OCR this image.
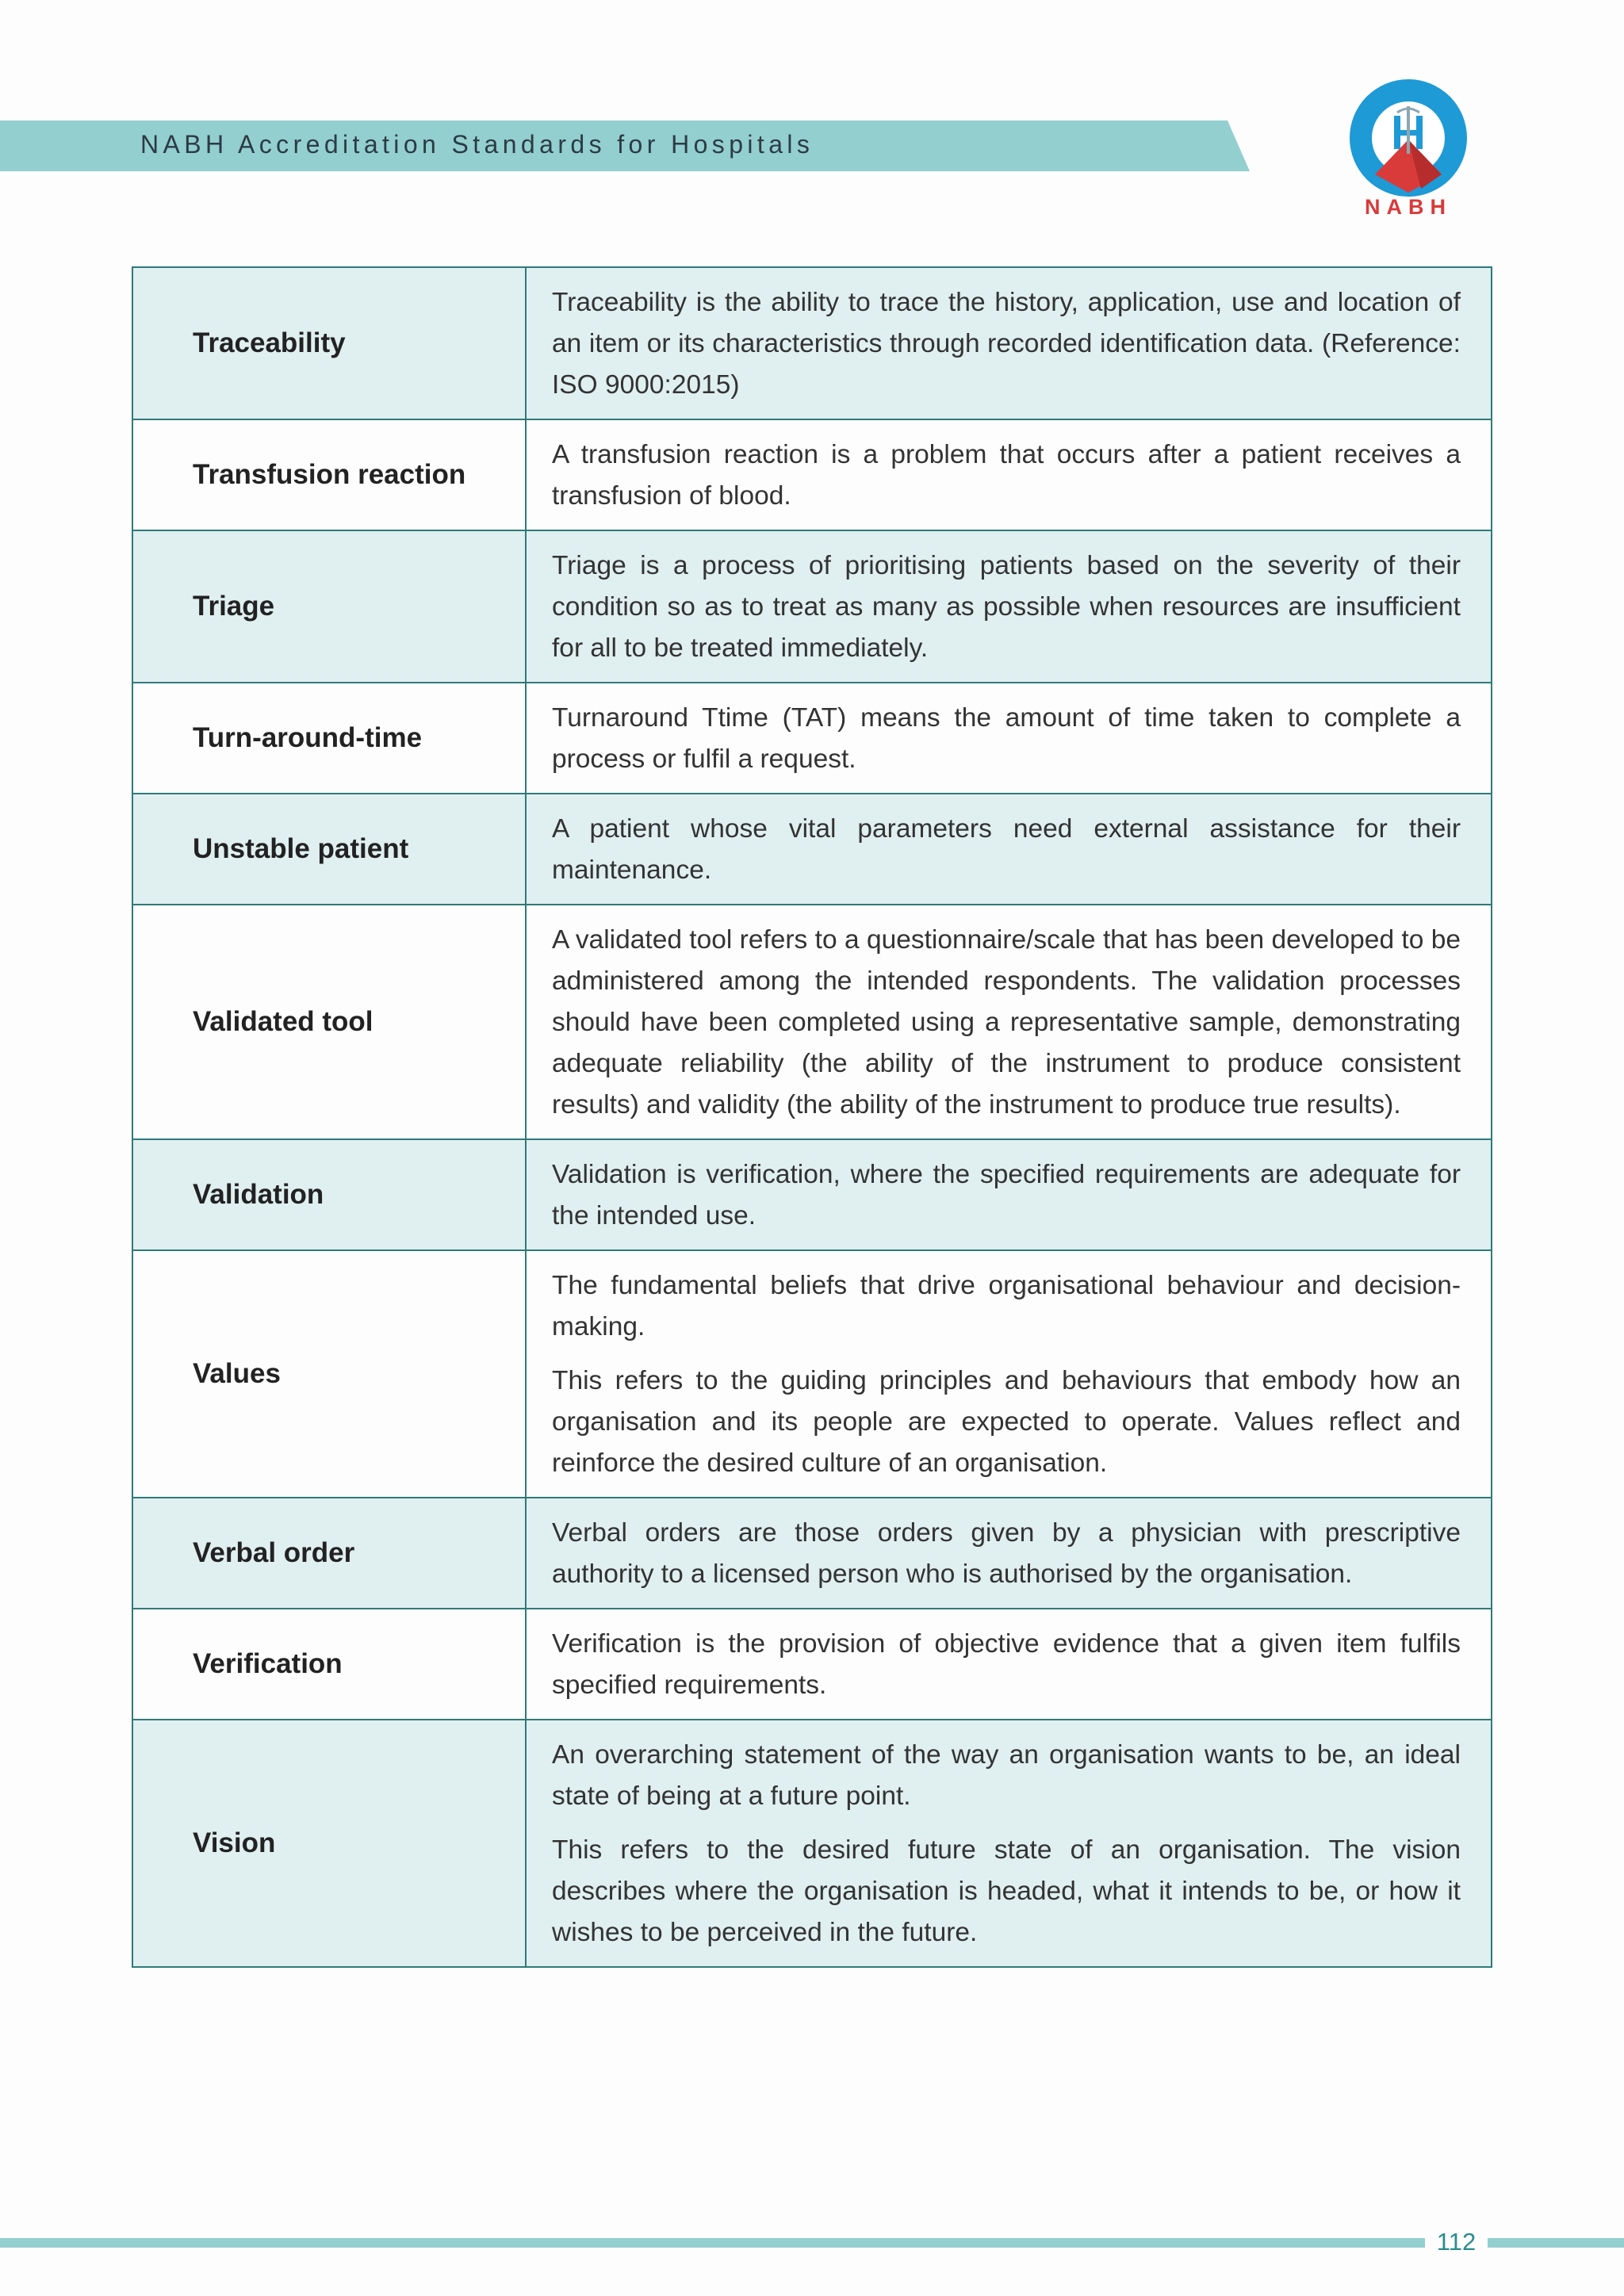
NABH Accreditation Standards for Hospitals
NABH
Traceability	Traceability is the ability to trace the history, application, use and location of an item or its characteristics through recorded identification data. (Reference: ISO 9000:2015)

Transfusion reaction	A transfusion reaction is a problem that occurs after a patient receives a transfusion of blood.

Triage	Triage is a process of prioritising patients based on the severity of their condition so as to treat as many as possible when resources are insufficient for all to be treated immediately.

Turn-around-time	Turnaround Ttime (TAT) means the amount of time taken to complete a process or fulfil a request.

Unstable patient	A patient whose vital parameters need external assistance for their maintenance.

Validated tool	A validated tool refers to a questionnaire/scale that has been developed to be administered among the intended respondents. The validation processes should have been completed using a representative sample, demonstrating adequate reliability (the ability of the instrument to produce consistent results) and validity (the ability of the instrument to produce true results).

Validation	Validation is verification, where the specified requirements are adequate for the intended use.

Values	The fundamental beliefs that drive organisational behaviour and decision-making.

This refers to the guiding principles and behaviours that embody how an organisation and its people are expected to operate. Values reflect and reinforce the desired culture of an organisation.

Verbal order	Verbal orders are those orders given by a physician with prescriptive authority to a licensed person who is authorised by the organisation.

Verification	Verification is the provision of objective evidence that a given item fulfils specified requirements.

Vision	An overarching statement of the way an organisation wants to be, an ideal state of being at a future point.

This refers to the desired future state of an organisation. The vision describes where the organisation is headed, what it intends to be, or how it wishes to be perceived in the future.

112
